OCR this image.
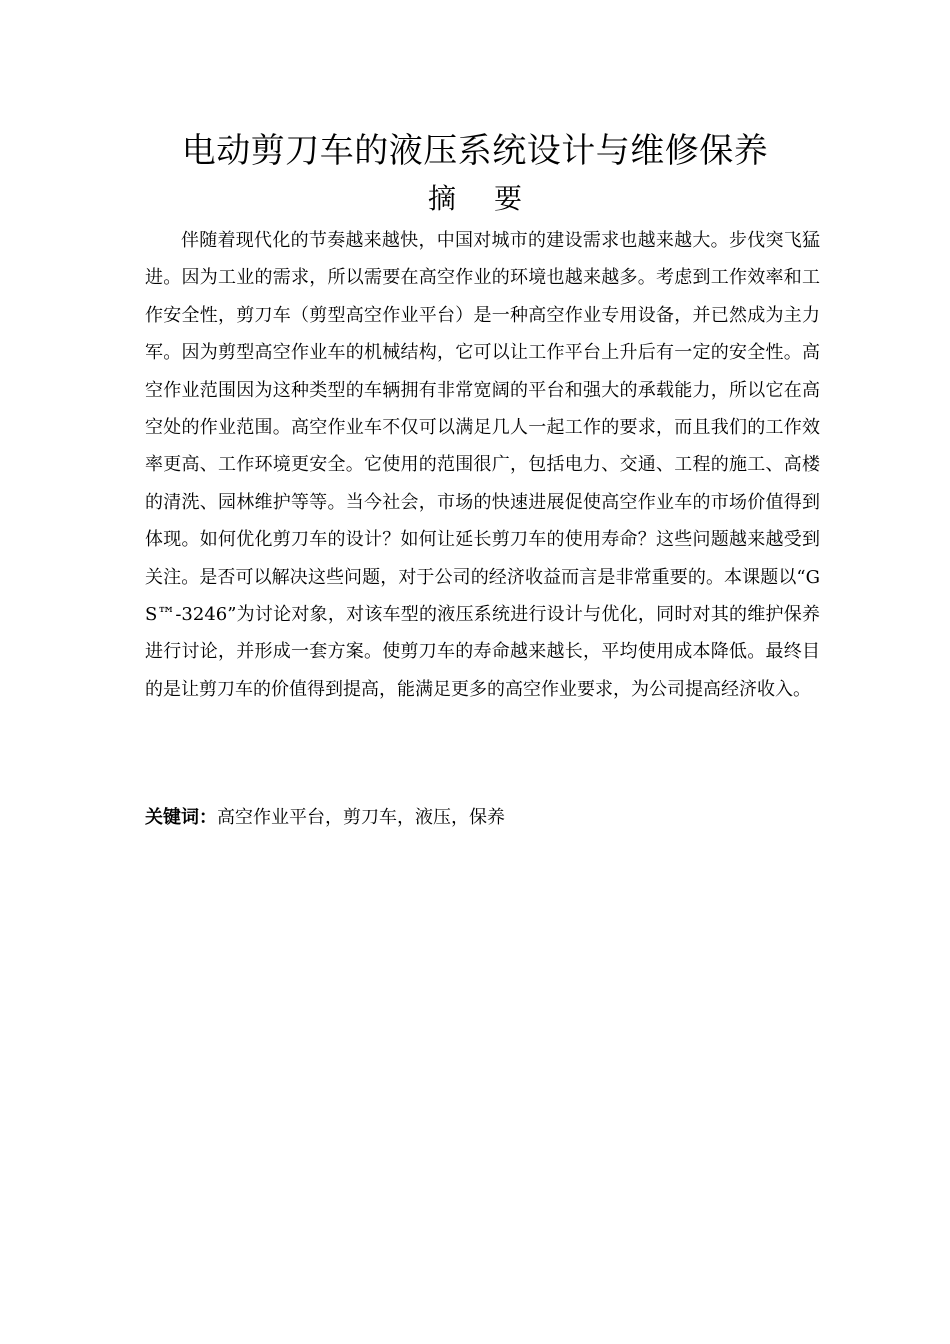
电动剪刀车的液压系统设计与维修保养
摘要

伴随着现代化的节奏越来越快，中国对城市的建设需求也越来越大。步伐突飞猛进。因为工业的需求，所以需要在高空作业的环境也越来越多。考虑到工作效率和工作安全性，剪刀车（剪型高空作业平台）是一种高空作业专用设备，并已然成为主力军。因为剪型高空作业车的机械结构，它可以让工作平台上升后有一定的安全性。高空作业范围因为这种类型的车辆拥有非常宽阔的平台和强大的承载能力，所以它在高空处的作业范围。高空作业车不仅可以满足几人一起工作的要求，而且我们的工作效率更高、工作环境更安全。它使用的范围很广，包括电力、交通、工程的施工、高楼的清洗、园林维护等等。当今社会，市场的快速进展促使高空作业车的市场价值得到体现。如何优化剪刀车的设计？如何让延长剪刀车的使用寿命？这些问题越来越受到关注。是否可以解决这些问题，对于公司的经济收益而言是非常重要的。本课题以“GS™-3246”为讨论对象，对该车型的液压系统进行设计与优化，同时对其的维护保养进行讨论，并形成一套方案。使剪刀车的寿命越来越长，平均使用成本降低。最终目的是让剪刀车的价值得到提高，能满足更多的高空作业要求，为公司提高经济收入。

关键词：高空作业平台，剪刀车，液压，保养
